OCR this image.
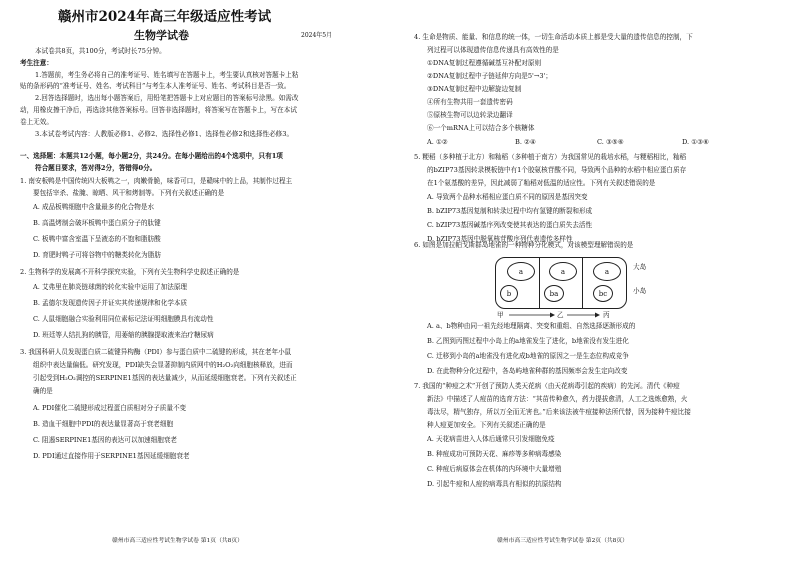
赣州市2024年高三年级适应性考试
生物学试卷	2024年5月
本试卷共8页，共100分，考试时长75分钟。
考生注意：
1.答题前，考生务必将自己的准考证号、姓名填写在答题卡上，考生要认真核对答题卡上粘
贴的条形码的“准考证号、姓名、考试科目”与考生本人准考证号、姓名、考试科目是否一致。
2.回答选择题时，选出每小题答案后，用铅笔把答题卡上对应题目的答案标号涂黑。如需改
动，用橡皮擦干净后，再选涂其他答案标号。回答非选择题时，将答案写在答题卡上，写在本试
卷上无效。
3.本试卷考试内容：人教版必修1、必修2、选择性必修1、选择性必修2和选择性必修3。
一、选择题：本题共12小题，每小题2分，共24分。在每小题给出的4个选项中，只有1项
符合题目要求，答对得2分，答错得0分。
1. 南安板鸭是中国传统四大板鸭之一，肉嫩骨脆，味香可口，是赣味中的上品，其制作过程主
要包括宰杀、盐腌、晾晒、风干和烤制等。下列有关叙述正确的是
A. 成品板鸭细胞中含量最多的化合物是水
B. 高温烤制会破坏板鸭中蛋白质分子的肽键
C. 板鸭中富含室温下呈液态的不饱和脂肪酸
D. 育肥时鸭子可将谷物中的糖类转化为脂肪
2. 生物科学的发展离不开科学探究实验，下列有关生物科学史叙述正确的是
A. 艾弗里在肺炎链球菌的转化实验中运用了加法原理
B. 孟德尔发现遗传因子并证实其传递规律和化学本质
C. 人鼠细胞融合实验利用同位素标记法证明细胞膜具有流动性
D. 班廷等人结扎狗的胰管，用萎缩的胰腺提取液来治疗糖尿病
3. 我国科研人员发现蛋白质二硫键异构酶（PDI）参与蛋白质中二硫键的形成，其在老年小鼠
组织中表达量偏低。研究发现，PDI缺失会显著抑制内质网中的H₂O₂向细胞核释放，进而
引起受到H₂O₂调控的SERPINE1基因的表达量减少，从而延缓细胞衰老。下列有关叙述正
确的是
A. PDI催化二硫键形成过程蛋白质相对分子质量不变
B. 造血干细胞中PDI的表达量显著高于衰老细胞
C. 阻遏SERPINE1基因的表达可以加速细胞衰老
D. PDI通过直接作用于SERPINE1基因延缓细胞衰老
赣州市高三适应性考试生物学试卷 第1页（共8页）
4. 生命是物质、能量、和信息的统一体，一切生命活动本质上都是受大量的遗传信息的控制，下
列过程可以体现遗传信息传递具有高效性的是
①DNA复制过程遵循碱基互补配对原则
②DNA复制过程中子链延伸方向是5'→3'；
③DNA复制过程中边解旋边复制
④所有生物共用一套遗传密码
⑤原核生物可以边转录边翻译
⑥一个mRNA上可以结合多个核糖体
A. ①②	B. ②④	C. ③⑤⑥	D. ①③⑥
5. 粳稻（多种植于北方）和籼稻（多种植于南方）为我国常见的栽培水稻，与粳稻相比，籼稻
的bZIP73基因转录模板链中有1个胶氨核苷酸不同，导致两个品种的水稻中相应蛋白质存
在1个氨基酸的差异，因此减弱了籼稻对低温的适应性。下列有关叙述错误的是
A. 导致两个品种水稻相应蛋白质不同的原因是基因突变
B. bZIP73基因复制和转录过程中均有氢键的断裂和形成
C. bZIP73基因碱基序列改变使其表达的蛋白质失去活性
D. bZIP73基因中脱氧核苷酸序列代表遗传多样性
6. 如图是加拉帕戈斯群岛地雀的一种物种分化模式，对该模型理解错误的是
a
b
a
ba
a
bc
大岛
小岛
甲	乙	丙
A. a、b物种由同一祖先经地理隔离、突变和重组、自然选择逐渐形成的
B. 乙图到丙图过程中小岛上的a地雀发生了进化，b地雀没有发生进化
C. 迁移到小岛的a地雀没有进化成b地雀的原因之一是生态位构成竞争
D. 在此物种分化过程中，各岛屿地雀种群的基因频率会发生定向改变
7. 我国的“种痘之术”开创了预防人类天花病（由天花病毒引起的疾病）的先河。清代《种痘
新法》中描述了人痘苗的选育方法：“其苗传种愈久，药力提拔愈清，人工之选炼愈熟，火
毒汰尽，精气独存，所以万全而无害也。”后来该法被牛痘接种法所代替，因为接种牛痘比接
种人痘更加安全。下列有关叙述正确的是
A. 天花病苗进入人体后通常只引发细胞免疫
B. 种痘成功可预防天花、麻疹等多种病毒感染
C. 种痘后病原体会在机体的内环境中大量增殖
D. 引起牛痘和人痘的病毒具有相似的抗原结构
赣州市高三适应性考试生物学试卷 第2页（共8页）
